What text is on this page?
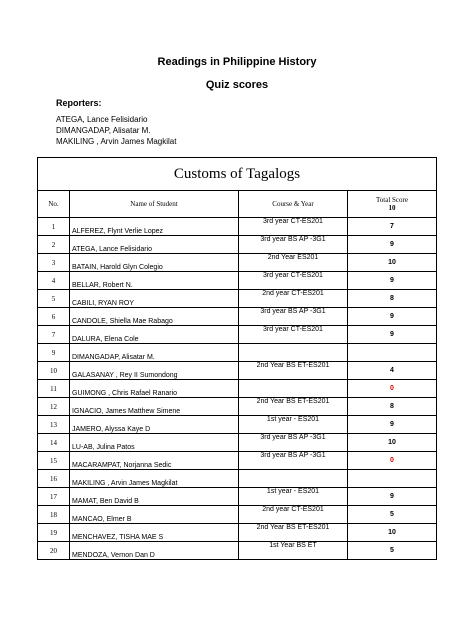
Readings in Philippine History
Quiz scores
Reporters:
ATEGA, Lance Felisidario
DIMANGADAP, Alisatar M.
MAKILING , Arvin James Magkilat
Customs of Tagalogs			
No.	Name of Student	Course & Year	Total Score
10

1	ALFEREZ, Flynt Verlie Lopez	3rd year CT-ES201	7
2	ATEGA, Lance Felisidario	3rd year BS AP -3G1	9
3	BATAIN, Harold Glyn Colegio	2nd Year ES201	10
4	BELLAR, Robert N.	3rd year CT-ES201	9
5	CABILI, RYAN ROY	2nd year CT-ES201	8
6	CANDOLE, Shiella Mae Rabago	3rd year BS AP -3G1	9
7	DALURA, Elena Cole	3rd year CT-ES201	9
9	DIMANGADAP, Alisatar M.		
10	GALASANAY , Rey II Sumondong	2nd Year BS ET-ES201	4
11	GUIMONG , Chris Rafael Ranario		0
12	IGNACIO, James Matthew Simene	2nd Year BS ET-ES201	8
13	JAMERO, Alyssa Kaye D	1st year - ES201	9
14	LU-AB, Julina Patos	3rd year BS AP -3G1	10
15	MACARAMPAT, Norjanna Sedic	3rd year BS AP -3G1	0
16	MAKILING , Arvin James Magkilat		
17	MAMAT, Ben David B	1st year - ES201	9
18	MANCAO, Elmer B	2nd year CT-ES201	5
19	MENCHAVEZ, TISHA MAE S	2nd Year BS ET-ES201	10
20	MENDOZA, Vernon Dan D	1st Year BS ET	5
